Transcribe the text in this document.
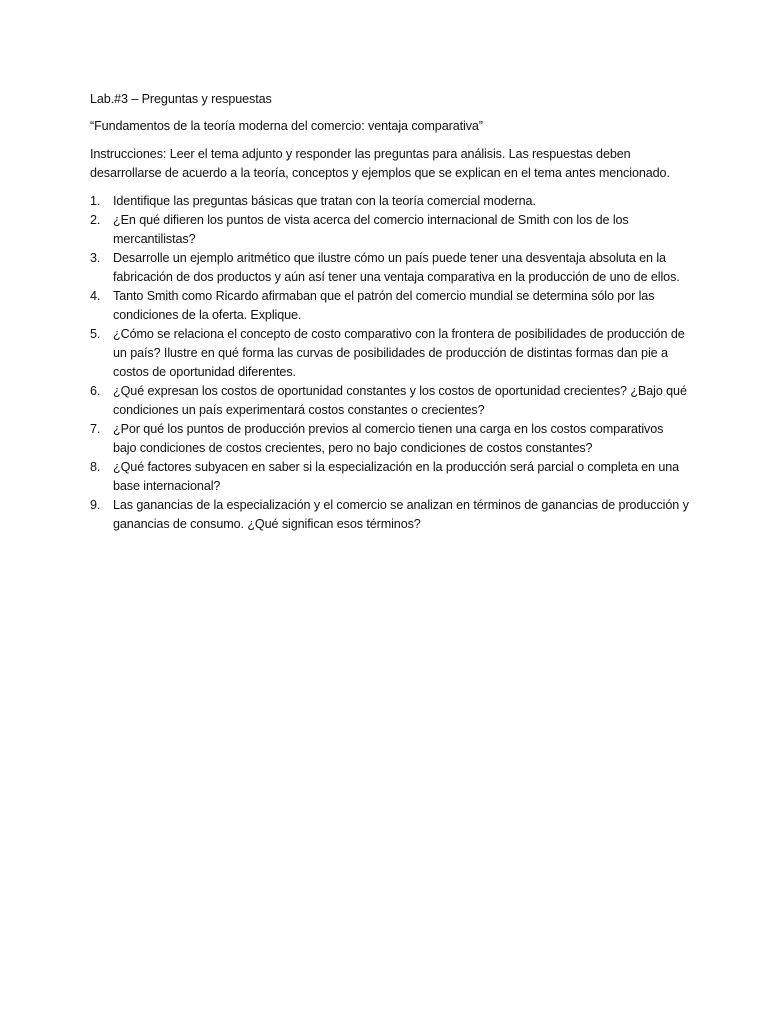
Lab.#3 – Preguntas y respuestas

“Fundamentos de la teoría moderna del comercio: ventaja comparativa”

Instrucciones: Leer el tema adjunto y responder las preguntas para análisis. Las respuestas deben desarrollarse de acuerdo a la teoría, conceptos y ejemplos que se explican en el tema antes mencionado.

1. Identifique las preguntas básicas que tratan con la teoría comercial moderna.
2. ¿En qué difieren los puntos de vista acerca del comercio internacional de Smith con los de los mercantilistas?
3. Desarrolle un ejemplo aritmético que ilustre cómo un país puede tener una desventaja absoluta en la fabricación de dos productos y aún así tener una ventaja comparativa en la producción de uno de ellos.
4. Tanto Smith como Ricardo afirmaban que el patrón del comercio mundial se determina sólo por las condiciones de la oferta. Explique.
5. ¿Cómo se relaciona el concepto de costo comparativo con la frontera de posibilidades de producción de un país? Ilustre en qué forma las curvas de posibilidades de producción de distintas formas dan pie a costos de oportunidad diferentes.
6. ¿Qué expresan los costos de oportunidad constantes y los costos de oportunidad crecientes? ¿Bajo qué condiciones un país experimentará costos constantes o crecientes?
7. ¿Por qué los puntos de producción previos al comercio tienen una carga en los costos comparativos bajo condiciones de costos crecientes, pero no bajo condiciones de costos constantes?
8. ¿Qué factores subyacen en saber si la especialización en la producción será parcial o completa en una base internacional?
9. Las ganancias de la especialización y el comercio se analizan en términos de ganancias de producción y ganancias de consumo. ¿Qué significan esos términos?
